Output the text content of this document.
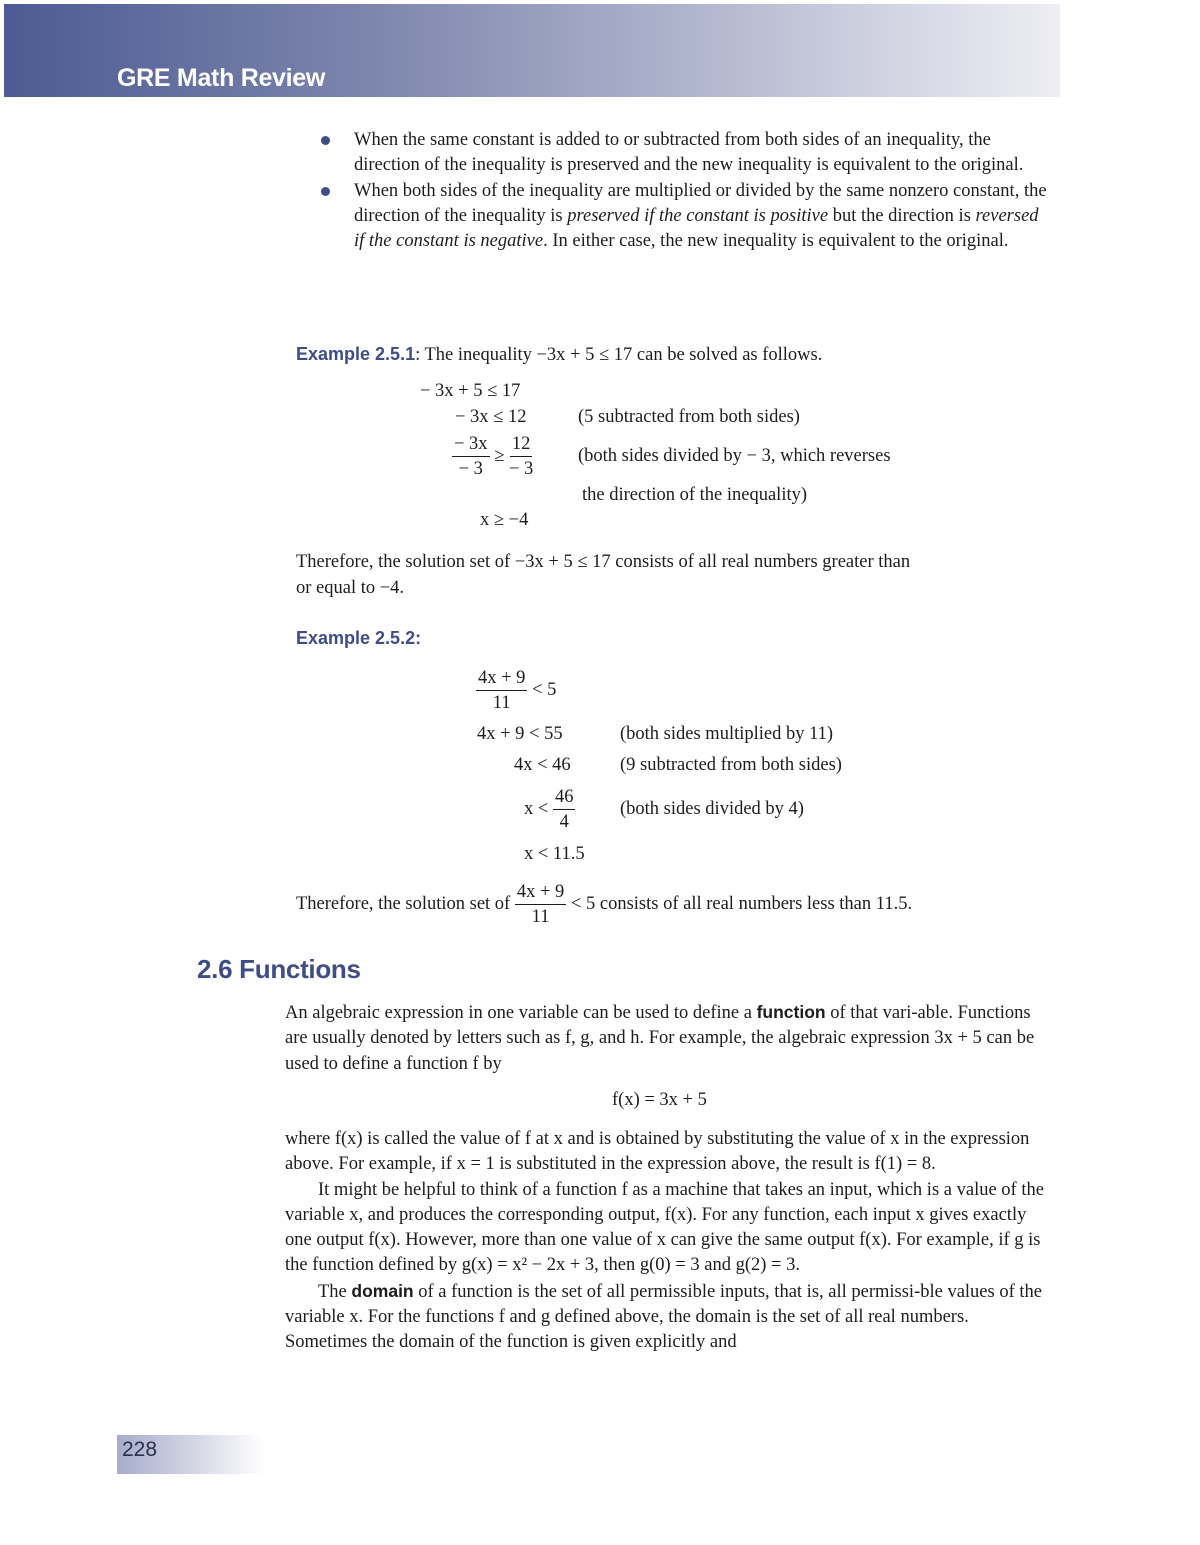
GRE Math Review
When the same constant is added to or subtracted from both sides of an inequality, the direction of the inequality is preserved and the new inequality is equivalent to the original.
When both sides of the inequality are multiplied or divided by the same nonzero constant, the direction of the inequality is preserved if the constant is positive but the direction is reversed if the constant is negative. In either case, the new inequality is equivalent to the original.
Example 2.5.1: The inequality −3x + 5 ≤ 17 can be solved as follows.
− 3x + 5 ≤ 17
− 3x ≤ 12	(5 subtracted from both sides)
$\frac{- 3x}{- 3} \ge \frac{12}{- 3}$ (both sides divided by − 3, which reverses
the direction of the inequality)
x ≥ −4
Therefore, the solution set of −3x + 5 ≤ 17 consists of all real numbers greater than
or equal to −4.
Example 2.5.2:
$\frac{4x + 9}{11} < 5$
4x + 9 < 55	(both sides multiplied by 11)
4x < 46	(9 subtracted from both sides)
$x < \frac{46}{4}$ (both sides divided by 4)
x < 11.5
Therefore, the solution set of $\frac{4x + 9}{11} < 5$ consists of all real numbers less than 11.5.
2.6 Functions

An algebraic expression in one variable can be used to define a function of that vari-able. Functions are usually denoted by letters such as f, g, and h. For example, the algebraic expression 3x + 5 can be used to define a function f by

f(x) = 3x + 5

where f(x) is called the value of f at x and is obtained by substituting the value of x in the expression above. For example, if x = 1 is substituted in the expression above, the result is f(1) = 8.

It might be helpful to think of a function f as a machine that takes an input, which is a value of the variable x, and produces the corresponding output, f(x). For any function, each input x gives exactly one output f(x). However, more than one value of x can give the same output f(x). For example, if g is the function defined by g(x) = x² − 2x + 3, then g(0) = 3 and g(2) = 3.

The domain of a function is the set of all permissible inputs, that is, all permissi-ble values of the variable x. For the functions f and g defined above, the domain is the set of all real numbers. Sometimes the domain of the function is given explicitly and

228
